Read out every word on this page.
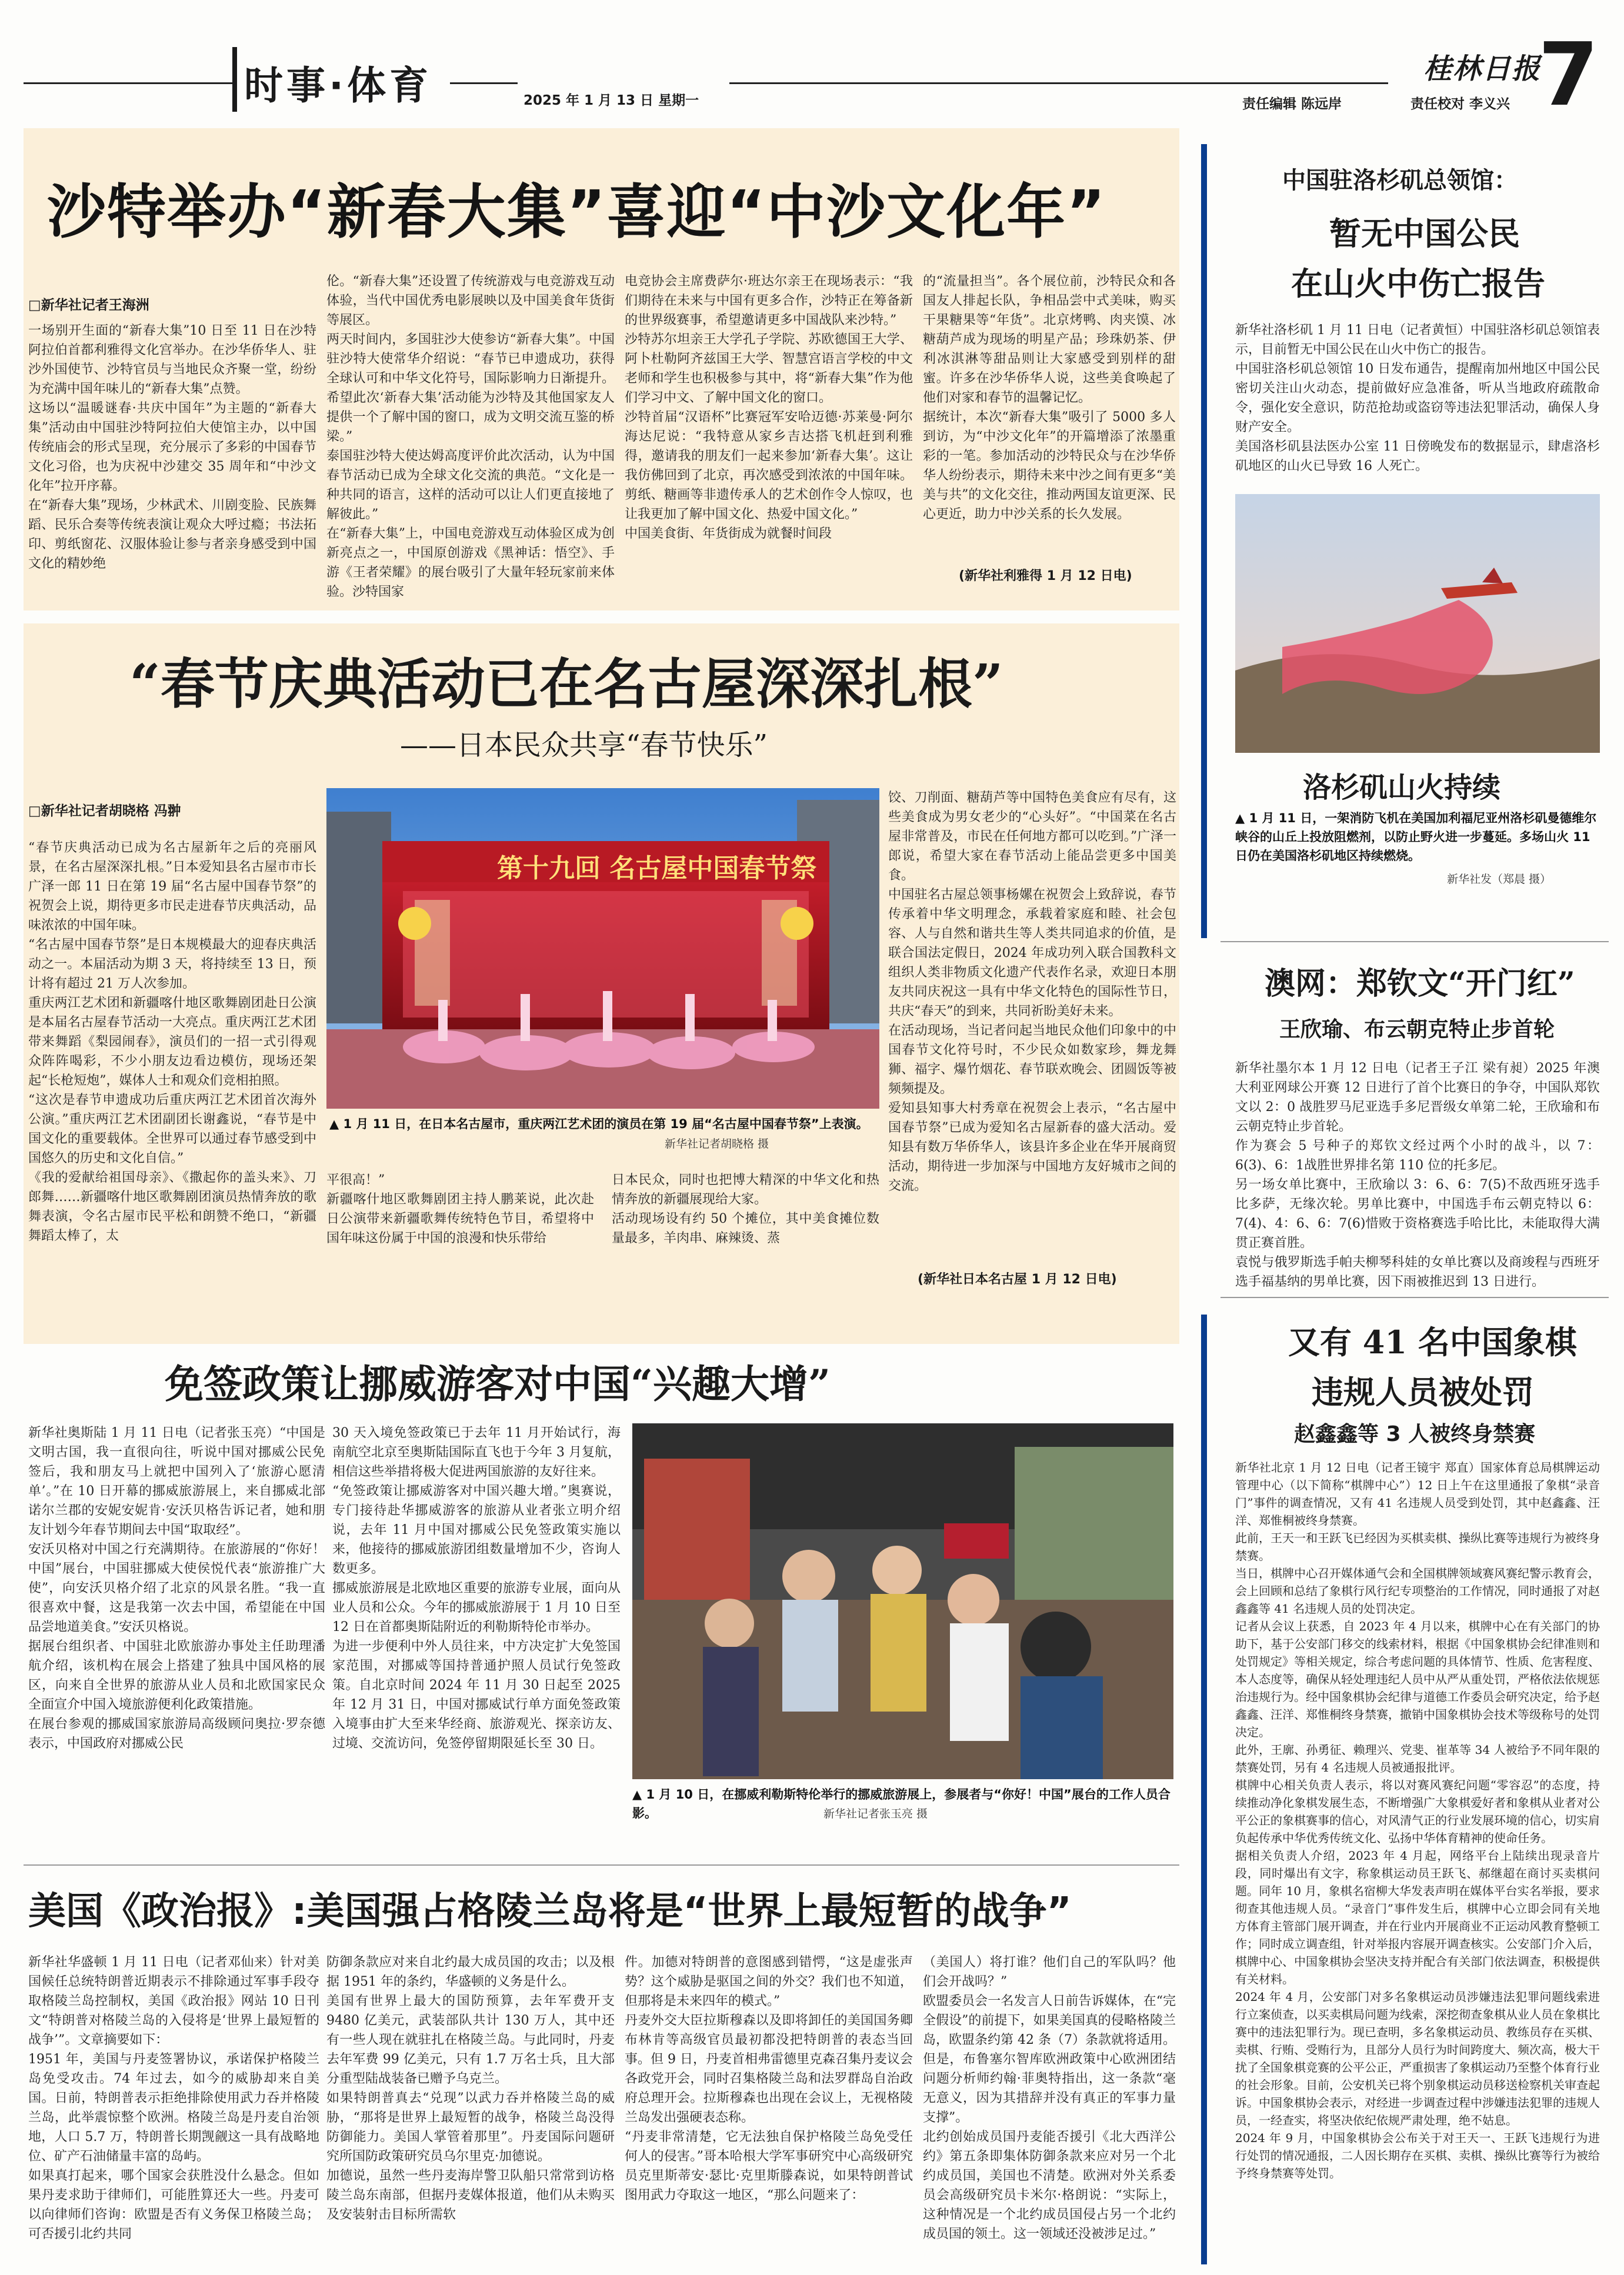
时事·体育	2025 年 1 月 13 日 星期一
桂林日报
7
责任编辑 陈远岸	责任校对 李义兴
沙特举办“新春大集”喜迎“中沙文化年”
□新华社记者王海洲
一场别开生面的“新春大集”10 日至 11 日在沙特阿拉伯首都利雅得文化宫举办。在沙华侨华人、驻沙外国使节、沙特官员与当地民众齐聚一堂，纷纷为充满中国年味儿的“新春大集”点赞。
这场以“温暖谜春·共庆中国年”为主题的“新春大集”活动由中国驻沙特阿拉伯大使馆主办，以中国传统庙会的形式呈现，充分展示了多彩的中国春节文化习俗，也为庆祝中沙建交 35 周年和“中沙文化年”拉开序幕。
在“新春大集”现场，少林武术、川剧变脸、民族舞蹈、民乐合奏等传统表演让观众大呼过瘾；书法拓印、剪纸窗花、汉服体验让参与者亲身感受到中国文化的精妙绝
伦。“新春大集”还设置了传统游戏与电竞游戏互动体验，当代中国优秀电影展映以及中国美食年货街等展区。
两天时间内，多国驻沙大使参访“新春大集”。中国驻沙特大使常华介绍说：“春节已申遗成功，获得全球认可和中华文化符号，国际影响力日渐提升。希望此次‘新春大集’活动能为沙特及其他国家友人提供一个了解中国的窗口，成为文明交流互鉴的桥梁。”
泰国驻沙特大使达姆高度评价此次活动，认为中国春节活动已成为全球文化交流的典范。“文化是一种共同的语言，这样的活动可以让人们更直接地了解彼此。”
在“新春大集”上，中国电竞游戏互动体验区成为创新亮点之一，中国原创游戏《黑神话：悟空》、手游《王者荣耀》的展台吸引了大量年轻玩家前来体验。沙特国家
电竞协会主席费萨尔·班达尔亲王在现场表示：“我们期待在未来与中国有更多合作，沙特正在筹备新的世界级赛事，希望邀请更多中国战队来沙特。”
沙特苏尔坦亲王大学孔子学院、苏欧德国王大学、阿卜杜勒阿齐兹国王大学、智慧宫语言学校的中文老师和学生也积极参与其中，将“新春大集”作为他们学习中文、了解中国文化的窗口。
沙特首届“汉语杯”比赛冠军安哈迈德·苏莱曼·阿尔海达尼说：“我特意从家乡吉达搭飞机赶到利雅得，邀请我的朋友们一起来参加‘新春大集’。这让我仿佛回到了北京，再次感受到浓浓的中国年味。剪纸、糖画等非遗传承人的艺术创作令人惊叹，也让我更加了解中国文化、热爱中国文化。”
中国美食街、年货街成为就餐时间段
的“流量担当”。各个展位前，沙特民众和各国友人排起长队，争相品尝中式美味，购买干果糖果等“年货”。北京烤鸭、肉夹馍、冰糖葫芦成为现场的明星产品；珍珠奶茶、伊利冰淇淋等甜品则让大家感受到别样的甜蜜。许多在沙华侨华人说，这些美食唤起了他们对家和春节的温馨记忆。
据统计，本次“新春大集”吸引了 5000 多人到访，为“中沙文化年”的开篇增添了浓墨重彩的一笔。参加活动的沙特民众与在沙华侨华人纷纷表示，期待未来中沙之间有更多“美美与共”的文化交往，推动两国友谊更深、民心更近，助力中沙关系的长久发展。
(新华社利雅得 1 月 12 日电)
“春节庆典活动已在名古屋深深扎根”
——日本民众共享“春节快乐”
□新华社记者胡晓格 冯翀
“春节庆典活动已成为名古屋新年之后的亮丽风景，在名古屋深深扎根。”日本爱知县名古屋市市长广泽一郎 11 日在第 19 届“名古屋中国春节祭”的祝贺会上说，期待更多市民走进春节庆典活动，品味浓浓的中国年味。
“名古屋中国春节祭”是日本规模最大的迎春庆典活动之一。本届活动为期 3 天，将持续至 13 日，预计将有超过 21 万人次参加。
重庆两江艺术团和新疆喀什地区歌舞剧团赴日公演是本届名古屋春节活动一大亮点。重庆两江艺术团带来舞蹈《梨园闹春》，演员们的一招一式引得观众阵阵喝彩，不少小朋友边看边模仿，现场还架起“长枪短炮”，媒体人士和观众们竞相拍照。
“这次是春节申遗成功后重庆两江艺术团首次海外公演。”重庆两江艺术团副团长谢鑫说，“春节是中国文化的重要载体。全世界可以通过春节感受到中国悠久的历史和文化自信。”
《我的爱献给祖国母亲》、《撒起你的盖头来》、刀郎舞……新疆喀什地区歌舞剧团演员热情奔放的歌舞表演，令名古屋市民平松和朗赞不绝口，“新疆舞蹈太棒了，太
第十九回 名古屋中国春节祭
▲ 1 月 11 日，在日本名古屋市，重庆两江艺术团的演员在第 19 届“名古屋中国春节祭”上表演。
新华社记者胡晓格 摄
平很高！”
新疆喀什地区歌舞剧团主持人鹏莱说，此次赴日公演带来新疆歌舞传统特色节目，希望将中国年味这份属于中国的浪漫和快乐带给
日本民众，同时也把博大精深的中华文化和热情奔放的新疆展现给大家。
活动现场设有约 50 个摊位，其中美食摊位数量最多，羊肉串、麻辣烫、蒸
饺、刀削面、糖葫芦等中国特色美食应有尽有，这些美食成为男女老少的“心头好”。“中国菜在名古屋非常普及，市民在任何地方都可以吃到。”广泽一郎说，希望大家在春节活动上能品尝更多中国美食。
中国驻名古屋总领事杨嫘在祝贺会上致辞说，春节传承着中华文明理念，承载着家庭和睦、社会包容、人与自然和谐共生等人类共同追求的价值，是联合国法定假日，2024 年成功列入联合国教科文组织人类非物质文化遗产代表作名录，欢迎日本朋友共同庆祝这一具有中华文化特色的国际性节日，共庆“春天”的到来，共同祈盼美好未来。
在活动现场，当记者问起当地民众他们印象中的中国春节文化符号时，不少民众如数家珍，舞龙舞狮、福字、爆竹烟花、春节联欢晚会、团圆饭等被频频提及。
爱知县知事大村秀章在祝贺会上表示，“名古屋中国春节祭”已成为爱知名古屋新春的盛大活动。爱知县有数万华侨华人，该县许多企业在华开展商贸活动，期待进一步加深与中国地方友好城市之间的交流。
(新华社日本名古屋 1 月 12 日电)
免签政策让挪威游客对中国“兴趣大增”
新华社奥斯陆 1 月 11 日电（记者张玉亮）“中国是文明古国，我一直很向往，听说中国对挪威公民免签后，我和朋友马上就把中国列入了‘旅游心愿清单’。”在 10 日开幕的挪威旅游展上，来自挪威北部诺尔兰郡的安妮安妮肯·安沃贝格告诉记者，她和朋友计划今年春节期间去中国“取取经”。
安沃贝格对中国之行充满期待。在旅游展的“你好！中国”展台，中国驻挪威大使侯悦代表“旅游推广大使”，向安沃贝格介绍了北京的风景名胜。“我一直很喜欢中餐，这是我第一次去中国，希望能在中国品尝地道美食。”安沃贝格说。
据展台组织者、中国驻北欧旅游办事处主任助理潘航介绍，该机构在展会上搭建了独具中国风格的展区，向来自全世界的旅游从业人员和北欧国家民众全面宣介中国入境旅游便利化政策措施。
在展台参观的挪威国家旅游局高级顾问奥拉·罗奈德表示，中国政府对挪威公民
30 天入境免签政策已于去年 11 月开始试行，海南航空北京至奥斯陆国际直飞也于今年 3 月复航，相信这些举措将极大促进两国旅游的友好往来。
“免签政策让挪威游客对中国兴趣大增。”奥赛说，专门接待赴华挪威游客的旅游从业者张立明介绍说，去年 11 月中国对挪威公民免签政策实施以来，他接待的挪威旅游团组数量增加不少，咨询人数更多。
挪威旅游展是北欧地区重要的旅游专业展，面向从业人员和公众。今年的挪威旅游展于 1 月 10 日至 12 日在首都奥斯陆附近的利勒斯特伦市举办。
为进一步便利中外人员往来，中方决定扩大免签国家范围，对挪威等国持普通护照人员试行免签政策。自北京时间 2024 年 11 月 30 日起至 2025 年 12 月 31 日，中国对挪威试行单方面免签政策入境事由扩大至来华经商、旅游观光、探亲访友、过境、交流访问，免签停留期限延长至 30 日。
▲ 1 月 10 日，在挪威利勒斯特伦举行的挪威旅游展上，参展者与“你好！中国”展台的工作人员合影。	新华社记者张玉亮 摄
美国《政治报》:美国强占格陵兰岛将是“世界上最短暂的战争”
新华社华盛顿 1 月 11 日电（记者邓仙来）针对美国候任总统特朗普近期表示不排除通过军事手段夺取格陵兰岛控制权，美国《政治报》网站 10 日刊文“特朗普对格陵兰岛的入侵将是‘世界上最短暂的战争’”。文章摘要如下：
1951 年，美国与丹麦签署协议，承诺保护格陵兰岛免受攻击。74 年过去，如今的威胁却来自美国。日前，特朗普表示拒绝排除使用武力吞并格陵兰岛，此举震惊整个欧洲。格陵兰岛是丹麦自治领地，人口 5.7 万，特朗普长期觊觎这一具有战略地位、矿产石油储量丰富的岛屿。
如果真打起来，哪个国家会获胜没什么悬念。但如果丹麦求助于律师们，可能胜算还大一些。丹麦可以向律师们咨询：欧盟是否有义务保卫格陵兰岛；可否援引北约共同
防御条款应对来自北约最大成员国的攻击；以及根据 1951 年的条约，华盛顿的义务是什么。
美国有世界上最大的国防预算，去年军费开支 9480 亿美元，武装部队共计 130 万人，其中还有一些人现在就驻扎在格陵兰岛。与此同时，丹麦去年军费 99 亿美元，只有 1.7 万名士兵，且大部分重型陆战装备已赠予乌克兰。
如果特朗普真去“兑现”以武力吞并格陵兰岛的威胁，“那将是世界上最短暂的战争，格陵兰岛没得防御能力。美国人掌管着那里”。丹麦国际问题研究所国防政策研究员乌尔里克·加德说。
加德说，虽然一些丹麦海岸警卫队船只常常到访格陵兰岛东南部，但据丹麦媒体报道，他们从未购买及安装射击目标所需软
件。加德对特朗普的意图感到错愕，“这是虚张声势？这个威胁是驱国之间的外交？我们也不知道，但那将是未来四年的模式。”
丹麦外交大臣拉斯穆森以及即将卸任的美国国务卿布林肯等高级官员最初都没把特朗普的表态当回事。但 9 日，丹麦首相弗雷德里克森召集丹麦议会各政党开会，同时召集格陵兰岛和法罗群岛自治政府总理开会。拉斯穆森也出现在会议上，无视格陵兰岛发出强硬表态称。
“丹麦非常清楚，它无法独自保护格陵兰岛免受任何人的侵害。”哥本哈根大学军事研究中心高级研究员克里斯蒂安·瑟比·克里斯滕森说，如果特朗普试图用武力夺取这一地区，“那么问题来了：
（美国人）将打谁？他们自己的军队吗？他们会开战吗？”
欧盟委员会一名发言人日前告诉媒体，在“完全假设”的前提下，如果美国真的侵略格陵兰岛，欧盟条约第 42 条（7）条款就将适用。但是，布鲁塞尔智库欧洲政策中心欧洲团结问题分析师约翰·菲奥特指出，这一条款“毫无意义，因为其措辞并没有真正的军事力量支撑”。
北约创始成员国丹麦能否援引《北大西洋公约》第五条即集体防御条款来应对另一个北约成员国，美国也不清楚。欧洲对外关系委员会高级研究员卡米尔·格朗说：“实际上，这种情况是一个北约成员国侵占另一个北约成员国的领土。这一领域还没被涉足过。”
中国驻洛杉矶总领馆：
暂无中国公民
在山火中伤亡报告
新华社洛杉矶 1 月 11 日电（记者黄恒）中国驻洛杉矶总领馆表示，目前暂无中国公民在山火中伤亡的报告。
中国驻洛杉矶总领馆 10 日发布通告，提醒南加州地区中国公民密切关注山火动态，提前做好应急准备，听从当地政府疏散命令，强化安全意识，防范抢劫或盗窃等违法犯罪活动，确保人身财产安全。
美国洛杉矶县法医办公室 11 日傍晚发布的数据显示，肆虐洛杉矶地区的山火已导致 16 人死亡。
洛杉矶山火持续
▲ 1 月 11 日，一架消防飞机在美国加利福尼亚州洛杉矶曼德维尔峡谷的山丘上投放阻燃剂，以防止野火进一步蔓延。多场山火 11 日仍在美国洛杉矶地区持续燃烧。
新华社发（郑晨 摄）
澳网：郑钦文“开门红”
王欣瑜、布云朝克特止步首轮
新华社墨尔本 1 月 12 日电（记者王子江 梁有昶）2025 年澳大利亚网球公开赛 12 日进行了首个比赛日的争夺，中国队郑钦文以 2：0 战胜罗马尼亚选手多尼晋级女单第二轮，王欣瑜和布云朝克特止步首轮。
作为赛会 5 号种子的郑钦文经过两个小时的战斗，以 7：6(3)、6：1战胜世界排名第 110 位的托多尼。
另一场女单比赛中，王欣瑜以 3：6、6：7(5)不敌西班牙选手比多萨，无缘次轮。男单比赛中，中国选手布云朝克特以 6：7(4)、4：6、6：7(6)惜败于资格赛选手哈比比，未能取得大满贯正赛首胜。
袁悦与俄罗斯选手帕夫柳琴科娃的女单比赛以及商竣程与西班牙选手福基纳的男单比赛，因下雨被推迟到 13 日进行。
又有 41 名中国象棋
违规人员被处罚
赵鑫鑫等 3 人被终身禁赛
新华社北京 1 月 12 日电（记者王镜宇 郑直）国家体育总局棋牌运动管理中心（以下简称“棋牌中心”）12 日上午在这里通报了象棋“录音门”事件的调查情况，又有 41 名违规人员受到处罚，其中赵鑫鑫、汪洋、郑惟桐被终身禁赛。
此前，王天一和王跃飞已经因为买棋卖棋、操纵比赛等违规行为被终身禁赛。
当日，棋牌中心召开媒体通气会和全国棋牌领域赛风赛纪警示教育会，会上回顾和总结了象棋行风行纪专项整治的工作情况，同时通报了对赵鑫鑫等 41 名违规人员的处罚决定。
记者从会议上获悉，自 2023 年 4 月以来，棋牌中心在有关部门的协助下，基于公安部门移交的线索材料，根据《中国象棋协会纪律准则和处罚规定》等相关规定，综合考虑问题的具体情节、性质、危害程度、本人态度等，确保从轻处理违纪人员中从严从重处罚，严格依法依规惩治违规行为。经中国象棋协会纪律与道德工作委员会研究决定，给予赵鑫鑫、汪洋、郑惟桐终身禁赛，撤销中国象棋协会技术等级称号的处罚决定。
此外，王廓、孙勇征、赖理兴、党斐、崔革等 34 人被给予不同年限的禁赛处罚，另有 4 名违规人员被通报批评。
棋牌中心相关负责人表示，将以对赛风赛纪问题“零容忍”的态度，持续推动净化象棋发展生态，不断增强广大象棋爱好者和象棋从业者对公平公正的象棋赛事的信心，对风清气正的行业发展环境的信心，切实肩负起传承中华优秀传统文化、弘扬中华体育精神的使命任务。
据相关负责人介绍，2023 年 4 月起，网络平台上陆续出现录音片段，同时爆出有文字，称象棋运动员王跃飞、郝继超在商讨买卖棋问题。同年 10 月，象棋名宿柳大华发表声明在媒体平台实名举报，要求彻查其他违规人员。“录音门”事件发生后，棋牌中心立即会同有关地方体育主管部门展开调查，并在行业内开展商业不正运动风教育整顿工作；同时成立调查组，针对举报内容展开调查核实。公安部门介入后，棋牌中心、中国象棋协会坚决支持并配合有关部门依法调查，积极提供有关材料。
2024 年 4 月，公安部门对多名象棋运动员涉嫌违法犯罪问题线索进行立案侦查，以买卖棋局问题为线索，深挖彻查象棋从业人员在象棋比赛中的违法犯罪行为。现已查明，多名象棋运动员、教练员存在买棋、卖棋、行贿、受贿行为，且部分人员行为时间跨度大、频次高，极大干扰了全国象棋竞赛的公平公正，严重损害了象棋运动乃至整个体育行业的社会形象。目前，公安机关已将个别象棋运动员移送检察机关审查起诉。中国象棋协会表示，对经进一步调查过程中涉嫌违法犯罪的违规人员，一经查实，将坚决依纪依规严肃处理，绝不姑息。
2024 年 9 月，中国象棋协会公布关于对王天一、王跃飞违规行为进行处罚的情况通报，二人因长期存在买棋、卖棋、操纵比赛等行为被给予终身禁赛等处罚。
